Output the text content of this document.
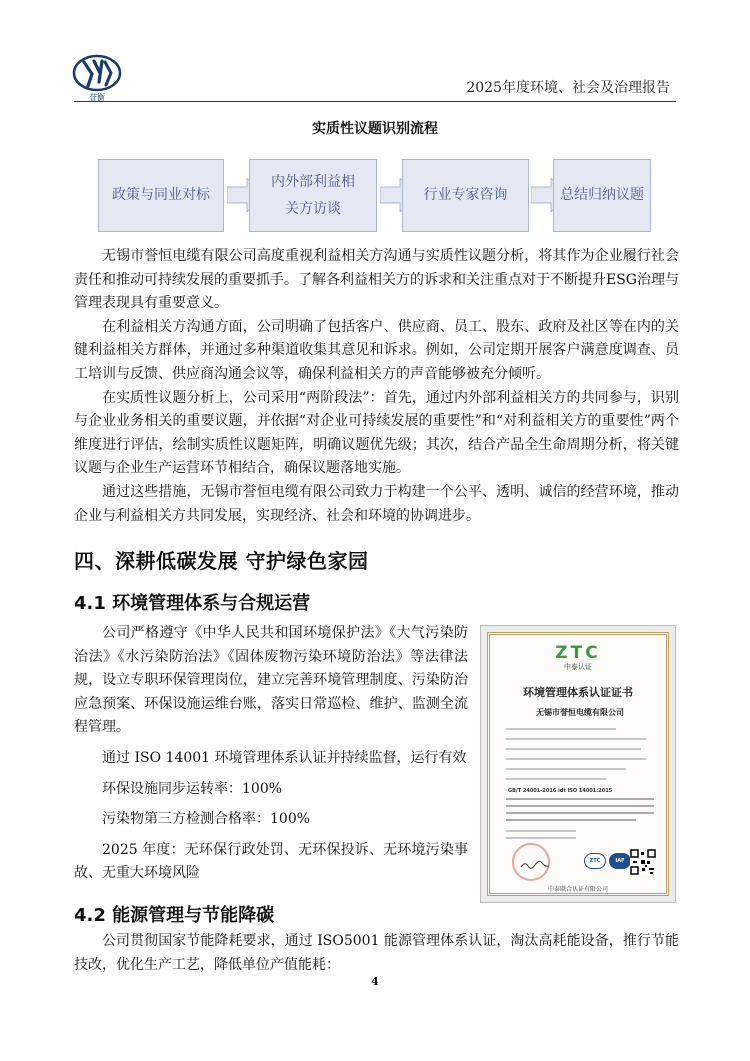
誉衡
2025年度环境、社会及治理报告
实质性议题识别流程
政策与同业对标
内外部利益相
关方访谈
行业专家咨询	总结归纳议题

无锡市誉恒电缆有限公司高度重视利益相关方沟通与实质性议题分析，将其作为企业履行社会责任和推动可持续发展的重要抓手。了解各利益相关方的诉求和关注重点对于不断提升ESG治理与管理表现具有重要意义。

在利益相关方沟通方面，公司明确了包括客户、供应商、员工、股东、政府及社区等在内的关键利益相关方群体，并通过多种渠道收集其意见和诉求。例如，公司定期开展客户满意度调查、员工培训与反馈、供应商沟通会议等，确保利益相关方的声音能够被充分倾听。

在实质性议题分析上，公司采用“两阶段法”：首先，通过内外部利益相关方的共同参与，识别与企业业务相关的重要议题，并依据“对企业可持续发展的重要性”和“对利益相关方的重要性”两个维度进行评估，绘制实质性议题矩阵，明确议题优先级；其次，结合产品全生命周期分析，将关键议题与企业生产运营环节相结合，确保议题落地实施。

通过这些措施，无锡市誉恒电缆有限公司致力于构建一个公平、透明、诚信的经营环境，推动企业与利益相关方共同发展，实现经济、社会和环境的协调进步。

四、深耕低碳发展 守护绿色家园
4.1 环境管理体系与合规运营

公司严格遵守《中华人民共和国环境保护法》《大气污染防治法》《水污染防治法》《固体废物污染环境防治法》等法律法规，设立专职环保管理岗位，建立完善环境管理制度、污染防治应急预案、环保设施运维台账，落实日常巡检、维护、监测全流程管理。

通过 ISO 14001 环境管理体系认证并持续监督，运行有效

环保设施同步运转率：100%

污染物第三方检测合格率：100%

2025 年度：无环保行政处罚、无环保投诉、无环境污染事故、无重大环境风险

ZTC
中泰认证
环境管理体系认证证书
无锡市誉恒电缆有限公司
GB/T 24001-2016 idt ISO 14001:2015
ZTC	IAF
中泰联合认证有限公司
4.2 能源管理与节能降碳

公司贯彻国家节能降耗要求，通过 ISO5001 能源管理体系认证，淘汰高耗能设备，推行节能技改，优化生产工艺，降低单位产值能耗：

4
